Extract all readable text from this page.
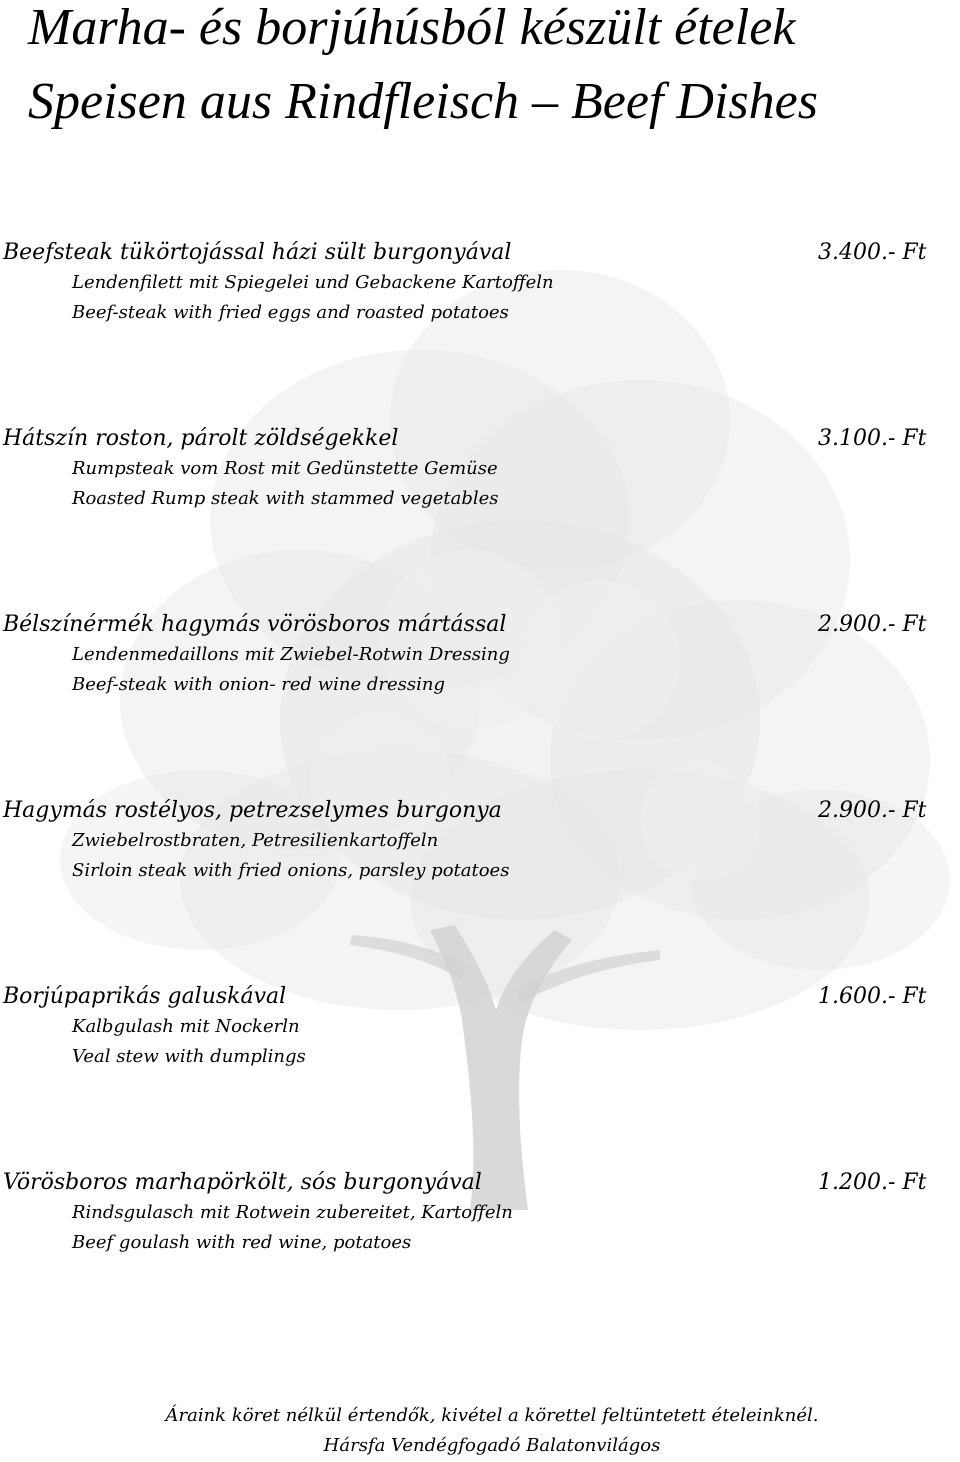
Marha- és borjúhúsból készült ételek
Speisen aus Rindfleisch – Beef Dishes
Beefsteak tükörtojással házi sült burgonyával	3.400.- Ft
Lendenfilett mit Spiegelei und Gebackene Kartoffeln
Beef-steak with fried eggs and roasted potatoes
Hátszín roston, párolt zöldségekkel	3.100.- Ft
Rumpsteak vom Rost mit Gedünstette Gemüse
Roasted Rump steak with stammed vegetables
Bélszínérmék hagymás vörösboros mártással	2.900.- Ft
Lendenmedaillons mit Zwiebel-Rotwin Dressing
Beef-steak with onion- red wine dressing
Hagymás rostélyos, petrezselymes burgonya	2.900.- Ft
Zwiebelrostbraten, Petresilienkartoffeln
Sirloin steak with fried onions, parsley potatoes
Borjúpaprikás galuskával	1.600.- Ft
Kalbgulash mit Nockerln
Veal stew with dumplings
Vörösboros marhapörkölt, sós burgonyával	1.200.- Ft
Rindsgulasch mit Rotwein zubereitet, Kartoffeln
Beef goulash with red wine, potatoes
Áraink köret nélkül értendők, kivétel a körettel feltüntetett ételeinknél.
Hársfa Vendégfogadó Balatonvilágos
